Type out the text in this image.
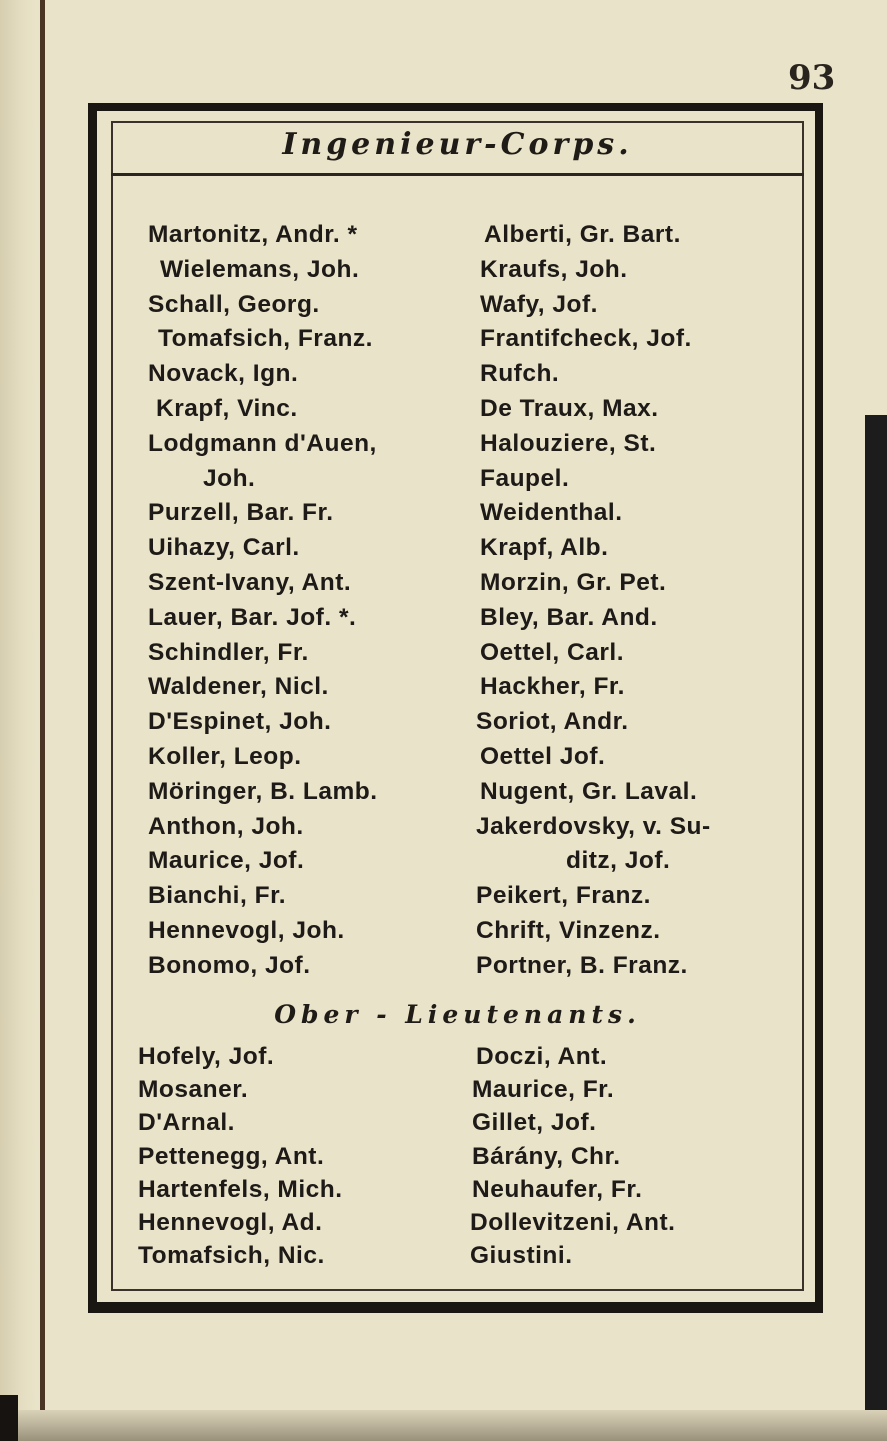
93
Ingenieur-Corps.
Martonitz, Andr. *
Wielemans, Joh.
Schall, Georg.
Tomafsich, Franz.
Novack, Ign.
Krapf, Vinc.
Lodgmann d'Auen,
Joh.
Purzell, Bar. Fr.
Uihazy, Carl.
Szent-Ivany, Ant.
Lauer, Bar. Jof. *.
Schindler, Fr.
Waldener, Nicl.
D'Espinet, Joh.
Koller, Leop.
Möringer, B. Lamb.
Anthon, Joh.
Maurice, Jof.
Bianchi, Fr.
Hennevogl, Joh.
Bonomo, Jof.
Alberti, Gr. Bart.
Kraufs, Joh.
Wafy, Jof.
Frantifcheck, Jof.
Rufch.
De Traux, Max.
Halouziere, St.
Faupel.
Weidenthal.
Krapf, Alb.
Morzin, Gr. Pet.
Bley, Bar. And.
Oettel, Carl.
Hackher, Fr.
Soriot, Andr.
Oettel Jof.
Nugent, Gr. Laval.
Jakerdovsky, v. Su-
ditz, Jof.
Peikert, Franz.
Chrift, Vinzenz.
Portner, B. Franz.
Ober - Lieutenants.
Hofely, Jof.
Mosaner.
D'Arnal.
Pettenegg, Ant.
Hartenfels, Mich.
Hennevogl, Ad.
Tomafsich, Nic.
Doczi, Ant.
Maurice, Fr.
Gillet, Jof.
Bárány, Chr.
Neuhaufer, Fr.
Dollevitzeni, Ant.
Giustini.
